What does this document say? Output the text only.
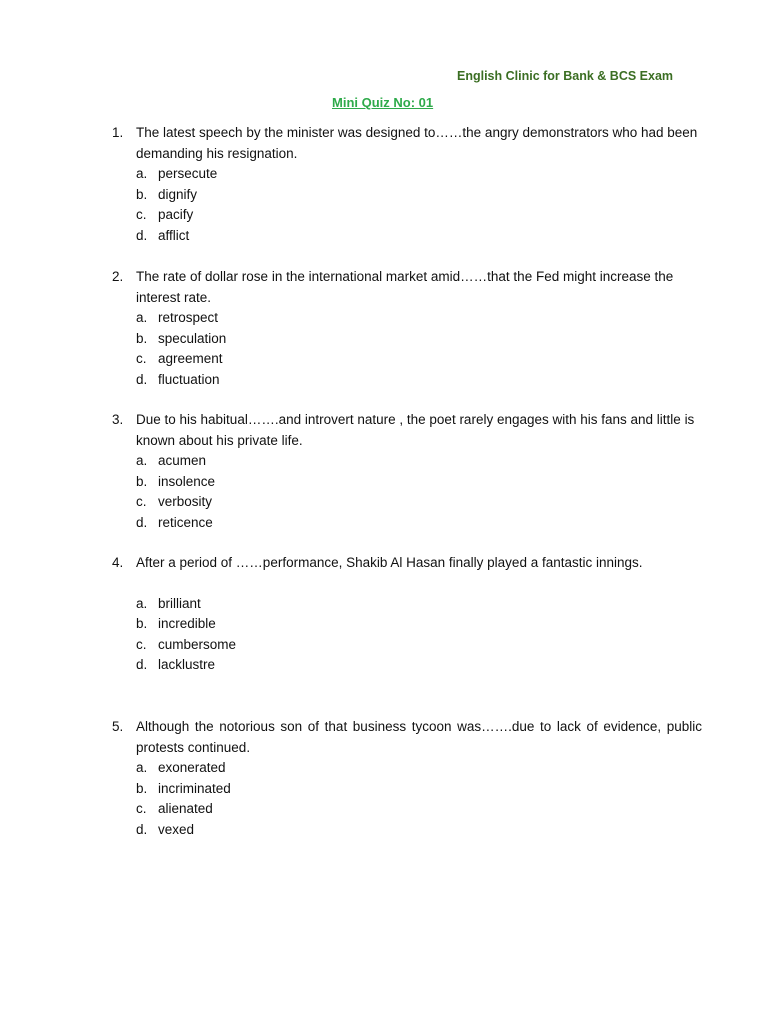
English Clinic for Bank & BCS Exam
Mini Quiz No: 01
1. The latest speech by the minister was designed to……the angry demonstrators who had been demanding his resignation.
a. persecute
b. dignify
c. pacify
d. afflict
2. The rate of dollar rose in the international market amid……that the Fed might increase the interest rate.
a. retrospect
b. speculation
c. agreement
d. fluctuation
3. Due to his habitual…….and introvert nature , the poet rarely engages with his fans and little is known about his private life.
a. acumen
b. insolence
c. verbosity
d. reticence
4. After a period of ……performance, Shakib Al Hasan finally played a fantastic innings.
a. brilliant
b. incredible
c. cumbersome
d. lacklustre
5. Although the notorious son of that business tycoon was…….due to lack of evidence, public protests continued.
a. exonerated
b. incriminated
c. alienated
d. vexed
